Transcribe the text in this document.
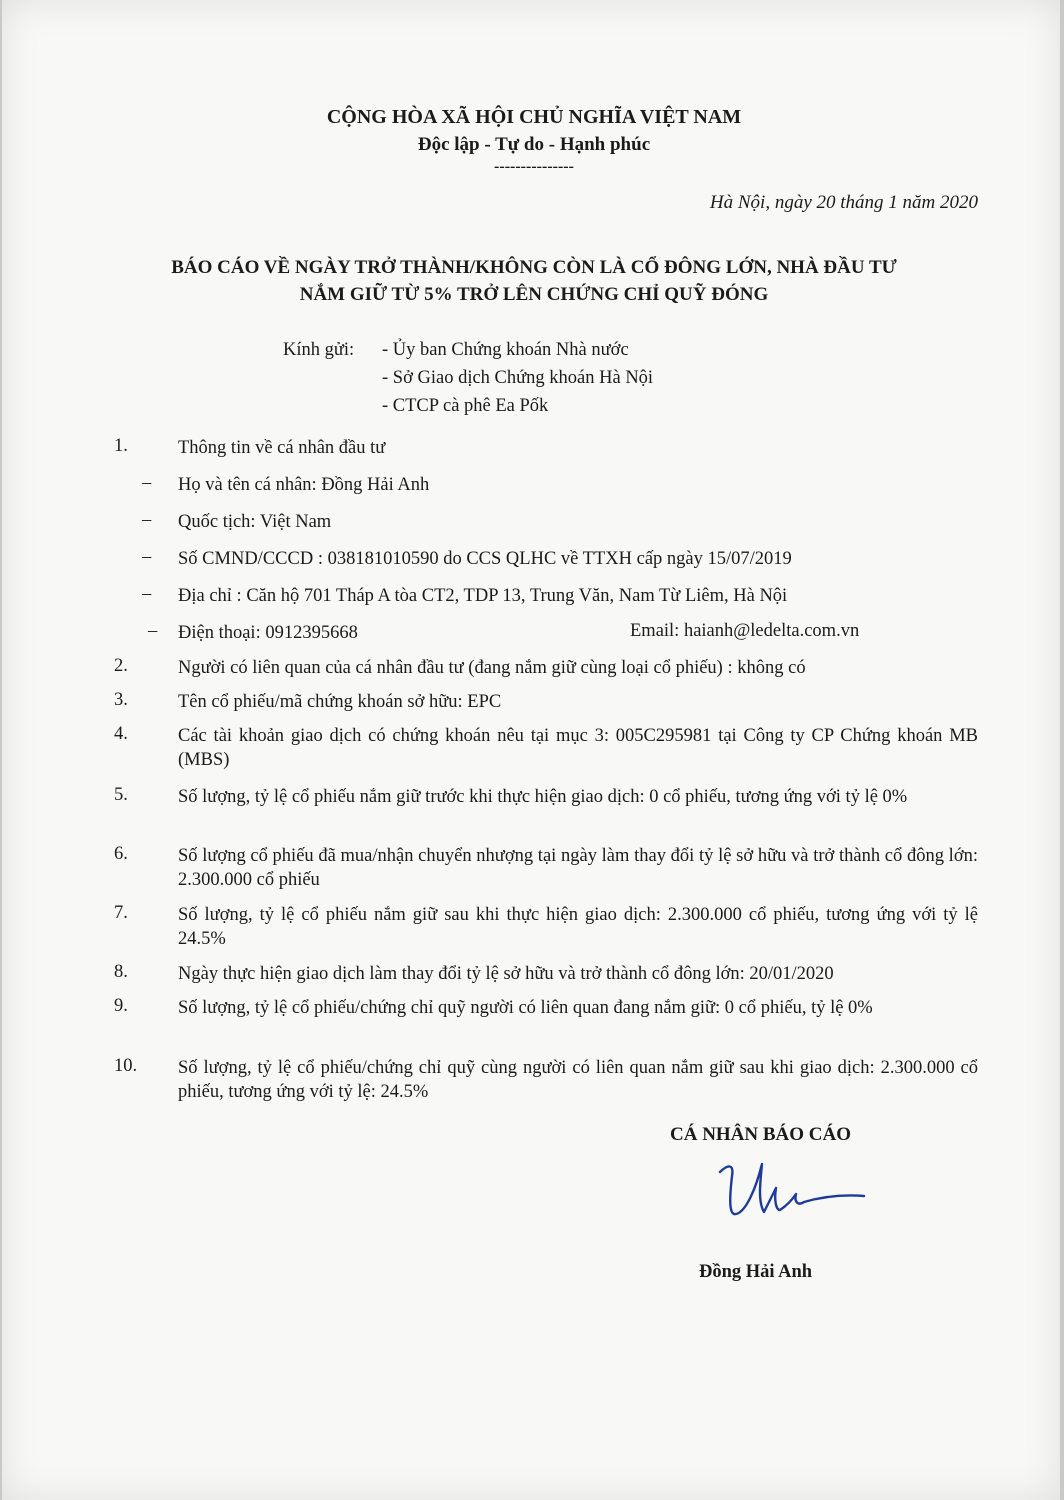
CỘNG HÒA XÃ HỘI CHỦ NGHĨA VIỆT NAM
Độc lập - Tự do - Hạnh phúc
---------------
Hà Nội, ngày 20 tháng 1 năm 2020
BÁO CÁO VỀ NGÀY TRỞ THÀNH/KHÔNG CÒN LÀ CỔ ĐÔNG LỚN, NHÀ ĐẦU TƯ
NẮM GIỮ TỪ 5% TRỞ LÊN CHỨNG CHỈ QUỸ ĐÓNG
Kính gửi: - Ủy ban Chứng khoán Nhà nước
- Sở Giao dịch Chứng khoán Hà Nội
- CTCP cà phê Ea Pốk
1.	Thông tin về cá nhân đầu tư
– Họ và tên cá nhân: Đồng Hải Anh
– Quốc tịch: Việt Nam
– Số CMND/CCCD : 038181010590 do CCS QLHC về TTXH cấp ngày 15/07/2019
– Địa chỉ : Căn hộ 701 Tháp A tòa CT2, TDP 13, Trung Văn, Nam Từ Liêm, Hà Nội
– Điện thoại: 0912395668	Email: haianh@ledelta.com.vn
2.	Người có liên quan của cá nhân đầu tư (đang nắm giữ cùng loại cổ phiếu) : không có
3.	Tên cổ phiếu/mã chứng khoán sở hữu: EPC
4.	Các tài khoản giao dịch có chứng khoán nêu tại mục 3: 005C295981 tại Công ty CP Chứng khoán MB (MBS)
5.	Số lượng, tỷ lệ cổ phiếu nắm giữ trước khi thực hiện giao dịch: 0 cổ phiếu, tương ứng với tỷ lệ 0%
6.	Số lượng cổ phiếu đã mua/nhận chuyển nhượng tại ngày làm thay đổi tỷ lệ sở hữu và trở thành cổ đông lớn: 2.300.000 cổ phiếu
7.	Số lượng, tỷ lệ cổ phiếu nắm giữ sau khi thực hiện giao dịch: 2.300.000 cổ phiếu, tương ứng với tỷ lệ 24.5%
8.	Ngày thực hiện giao dịch làm thay đổi tỷ lệ sở hữu và trở thành cổ đông lớn: 20/01/2020
9.	Số lượng, tỷ lệ cổ phiếu/chứng chỉ quỹ người có liên quan đang nắm giữ: 0 cổ phiếu, tỷ lệ 0%
10. Số lượng, tỷ lệ cổ phiếu/chứng chỉ quỹ cùng người có liên quan nắm giữ sau khi giao dịch: 2.300.000 cổ phiếu, tương ứng với tỷ lệ: 24.5%
CÁ NHÂN BÁO CÁO
Đồng Hải Anh
